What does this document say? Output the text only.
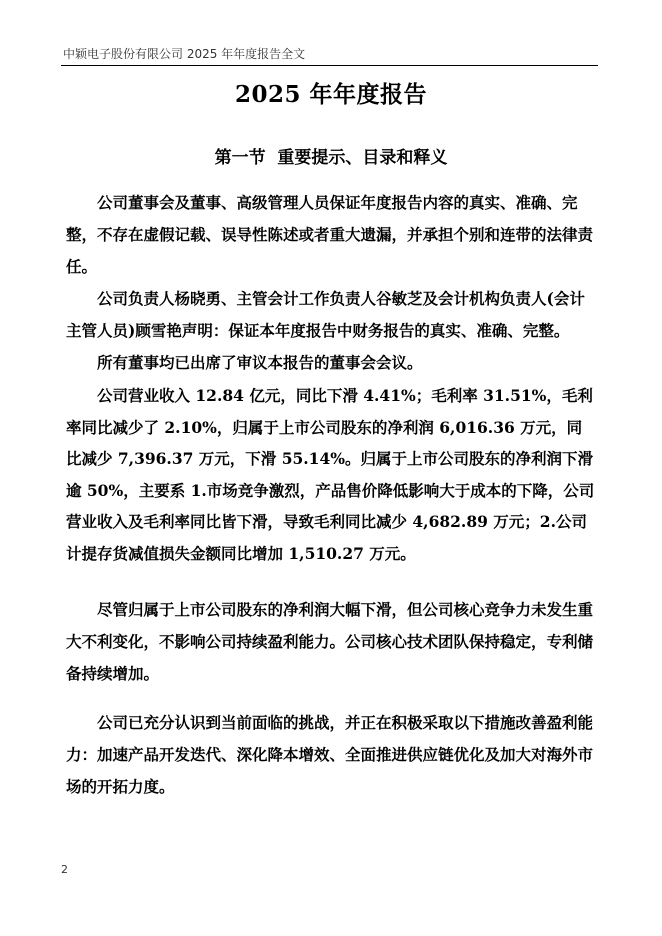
中颖电子股份有限公司 2025 年年度报告全文
2025 年年度报告
第一节  重要提示、目录和释义

公司董事会及董事、高级管理人员保证年度报告内容的真实、准确、完整，不存在虚假记载、误导性陈述或者重大遗漏，并承担个别和连带的法律责任。

公司负责人杨晓勇、主管会计工作负责人谷敏芝及会计机构负责人(会计主管人员)顾雪艳声明：保证本年度报告中财务报告的真实、准确、完整。

所有董事均已出席了审议本报告的董事会会议。

公司营业收入 12.84 亿元，同比下滑 4.41%；毛利率 31.51%，毛利率同比减少了 2.10%，归属于上市公司股东的净利润 6,016.36 万元，同比减少 7,396.37 万元，下滑 55.14%。归属于上市公司股东的净利润下滑逾 50%，主要系 1.市场竞争激烈，产品售价降低影响大于成本的下降，公司营业收入及毛利率同比皆下滑，导致毛利同比减少 4,682.89 万元；2.公司计提存货减值损失金额同比增加 1,510.27 万元。

尽管归属于上市公司股东的净利润大幅下滑，但公司核心竞争力未发生重大不利变化，不影响公司持续盈利能力。公司核心技术团队保持稳定，专利储备持续增加。

公司已充分认识到当前面临的挑战，并正在积极采取以下措施改善盈利能力：加速产品开发迭代、深化降本增效、全面推进供应链优化及加大对海外市场的开拓力度。

2
